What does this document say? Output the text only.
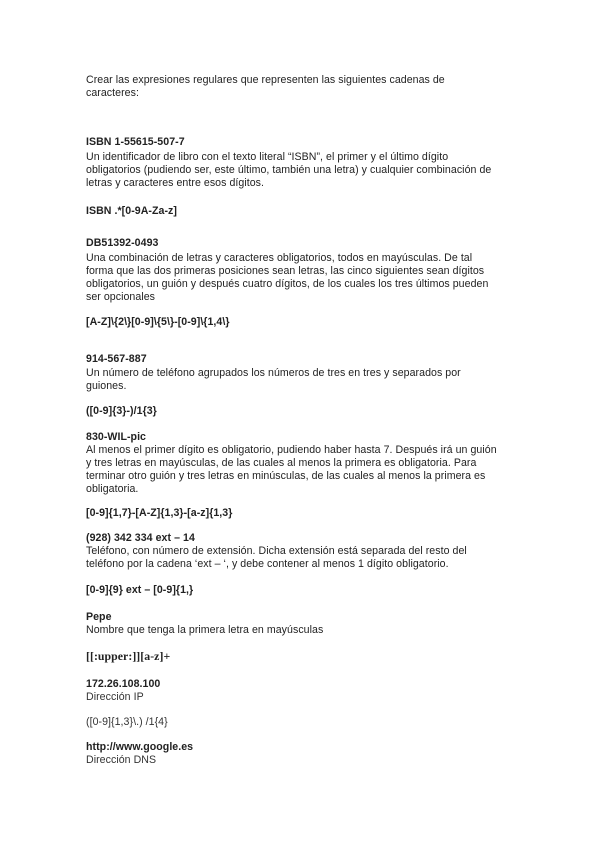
Crear las expresiones regulares que representen las siguientes cadenas de
caracteres:
ISBN 1-55615-507-7
Un identificador de libro con el texto literal “ISBN”, el primer y el último dígito
obligatorios (pudiendo ser, este último, también una letra) y cualquier combinación de
letras y caracteres entre esos dígitos.
ISBN .*[0-9A-Za-z]
DB51392-0493
Una combinación de letras y caracteres obligatorios, todos en mayúsculas. De tal
forma que las dos primeras posiciones sean letras, las cinco siguientes sean dígitos
obligatorios, un guión y después cuatro dígitos, de los cuales los tres últimos pueden
ser opcionales
[A-Z]\{2\}[0-9]\{5\}-[0-9]\{1,4\}
914-567-887
Un número de teléfono agrupados los números de tres en tres y separados por
guiones.
([0-9]{3}-)/1{3}
830-WIL-pic
Al menos el primer dígito es obligatorio, pudiendo haber hasta 7. Después irá un guión
y tres letras en mayúsculas, de las cuales al menos la primera es obligatoria. Para
terminar otro guión y tres letras en minúsculas, de las cuales al menos la primera es
obligatoria.
[0-9]{1,7}-[A-Z]{1,3}-[a-z]{1,3}
(928) 342 334 ext – 14
Teléfono, con número de extensión. Dicha extensión está separada del resto del
teléfono por la cadena ‘ext – ‘, y debe contener al menos 1 dígito obligatorio.
[0-9]{9} ext – [0-9]{1,}
Pepe
Nombre que tenga la primera letra en mayúsculas
[[:upper:]][a-z]+
172.26.108.100
Dirección IP
([0-9]{1,3}\.) /1{4}
http://www.google.es
Dirección DNS
